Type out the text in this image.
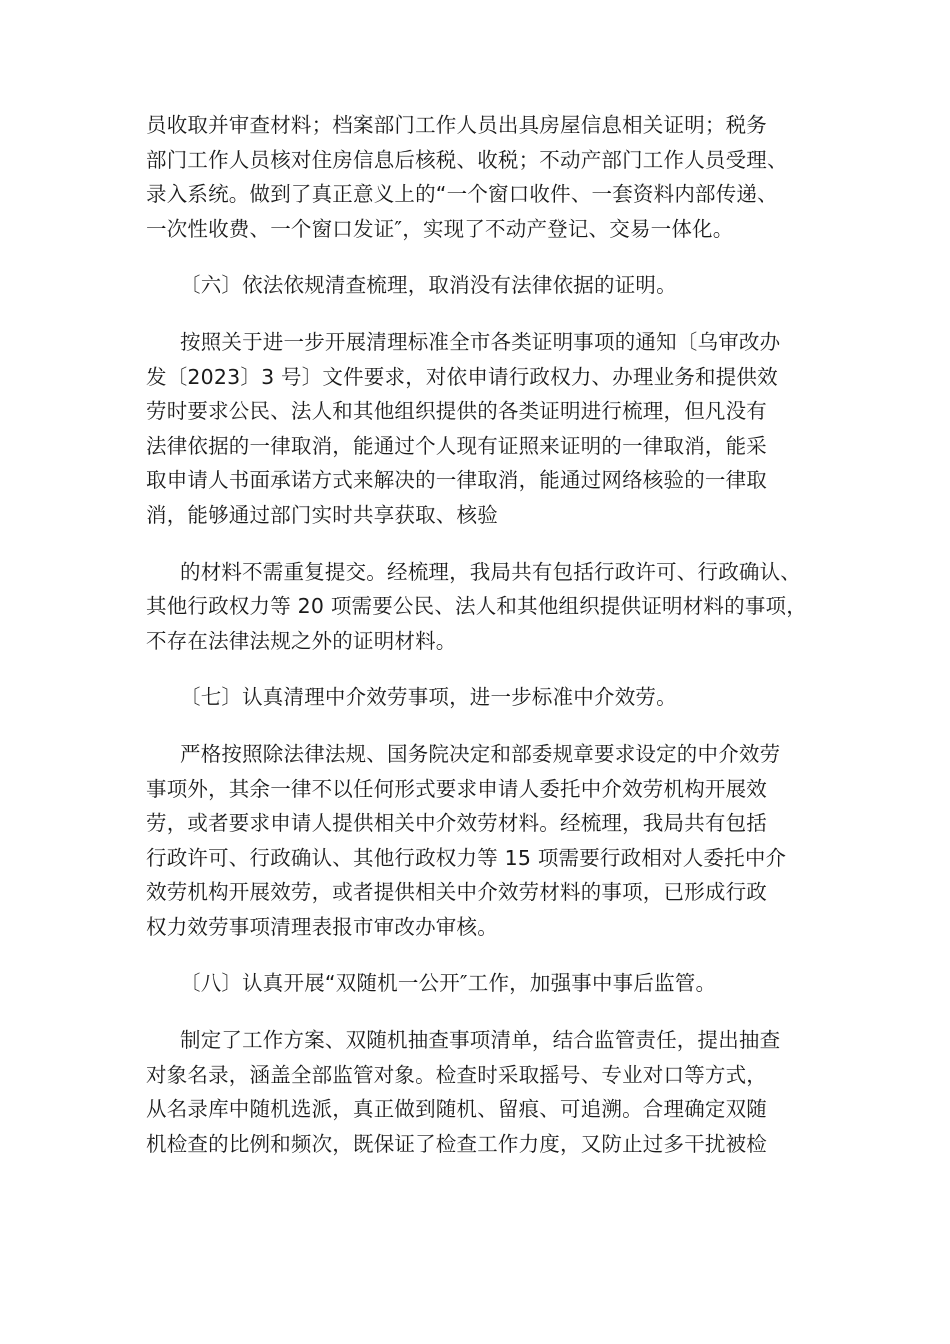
员收取并审查材料；档案部门工作人员出具房屋信息相关证明；税务
部门工作人员核对住房信息后核税、收税；不动产部门工作人员受理、
录入系统。做到了真正意义上的“一个窗口收件、一套资料内部传递、
一次性收费、一个窗口发证″，实现了不动产登记、交易一体化。
〔六〕依法依规清查梳理，取消没有法律依据的证明。
按照关于进一步开展清理标准全市各类证明事项的通知〔乌审改办
发〔2023〕3 号〕文件要求，对依申请行政权力、办理业务和提供效
劳时要求公民、法人和其他组织提供的各类证明进行梳理，但凡没有
法律依据的一律取消，能通过个人现有证照来证明的一律取消，能采
取申请人书面承诺方式来解决的一律取消，能通过网络核验的一律取
消，能够通过部门实时共享获取、核验
的材料不需重复提交。经梳理，我局共有包括行政许可、行政确认、
其他行政权力等 20 项需要公民、法人和其他组织提供证明材料的事项，
不存在法律法规之外的证明材料。
〔七〕认真清理中介效劳事项，进一步标准中介效劳。
严格按照除法律法规、国务院决定和部委规章要求设定的中介效劳
事项外，其余一律不以任何形式要求申请人委托中介效劳机构开展效
劳，或者要求申请人提供相关中介效劳材料。经梳理，我局共有包括
行政许可、行政确认、其他行政权力等 15 项需要行政相对人委托中介
效劳机构开展效劳，或者提供相关中介效劳材料的事项，已形成行政
权力效劳事项清理表报市审改办审核。
〔八〕认真开展“双随机一公开″工作，加强事中事后监管。
制定了工作方案、双随机抽查事项清单，结合监管责任，提出抽查
对象名录，涵盖全部监管对象。检查时采取摇号、专业对口等方式，
从名录库中随机选派，真正做到随机、留痕、可追溯。合理确定双随
机检查的比例和频次，既保证了检查工作力度，又防止过多干扰被检
